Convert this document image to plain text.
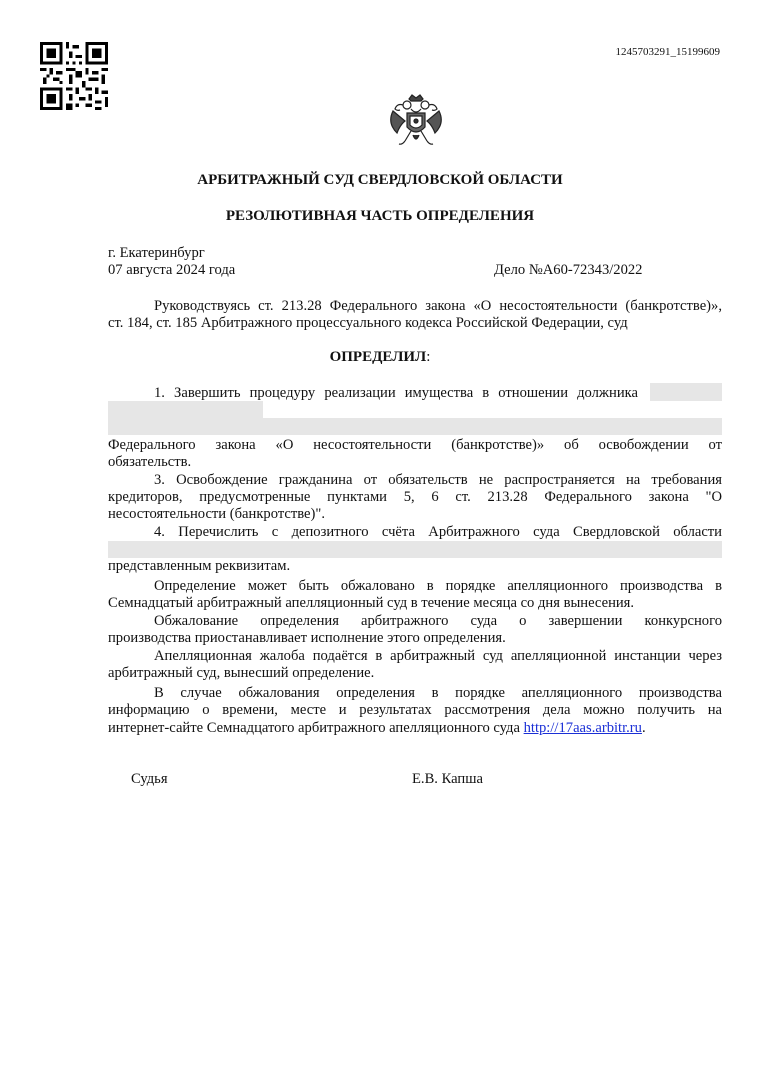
1245703291_15199609
АРБИТРАЖНЫЙ СУД СВЕРДЛОВСКОЙ ОБЛАСТИ
РЕЗОЛЮТИВНАЯ ЧАСТЬ ОПРЕДЕЛЕНИЯ
г. Екатеринбург
07 августа 2024 года	Дело №А60-72343/2022
Руководствуясь ст. 213.28 Федерального закона «О несостоятельности (банкротстве)»,
ст. 184, ст. 185 Арбитражного процессуального кодекса Российской Федерации, суд
ОПРЕДЕЛИЛ:
1. Завершить процедуру реализации имущества в отношении должника
Федерального закона «О несостоятельности (банкротстве)» об освобождении от
обязательств.
3. Освобождение гражданина от обязательств не распространяется на требования
кредиторов, предусмотренные пунктами 5, 6 ст. 213.28 Федерального закона "О
несостоятельности (банкротстве)".
4. Перечислить с депозитного счёта Арбитражного суда Свердловской области
представленным реквизитам.
Определение может быть обжаловано в порядке апелляционного производства в
Семнадцатый арбитражный апелляционный суд в течение месяца со дня вынесения.
Обжалование определения арбитражного суда о завершении конкурсного
производства приостанавливает исполнение этого определения.
Апелляционная жалоба подаётся в арбитражный суд апелляционной инстанции через
арбитражный суд, вынесший определение.
В случае обжалования определения в порядке апелляционного производства
информацию о времени, месте и результатах рассмотрения дела можно получить на
интернет-сайте Семнадцатого арбитражного апелляционного суда http://17aas.arbitr.ru.
Судья	Е.В. Капша
